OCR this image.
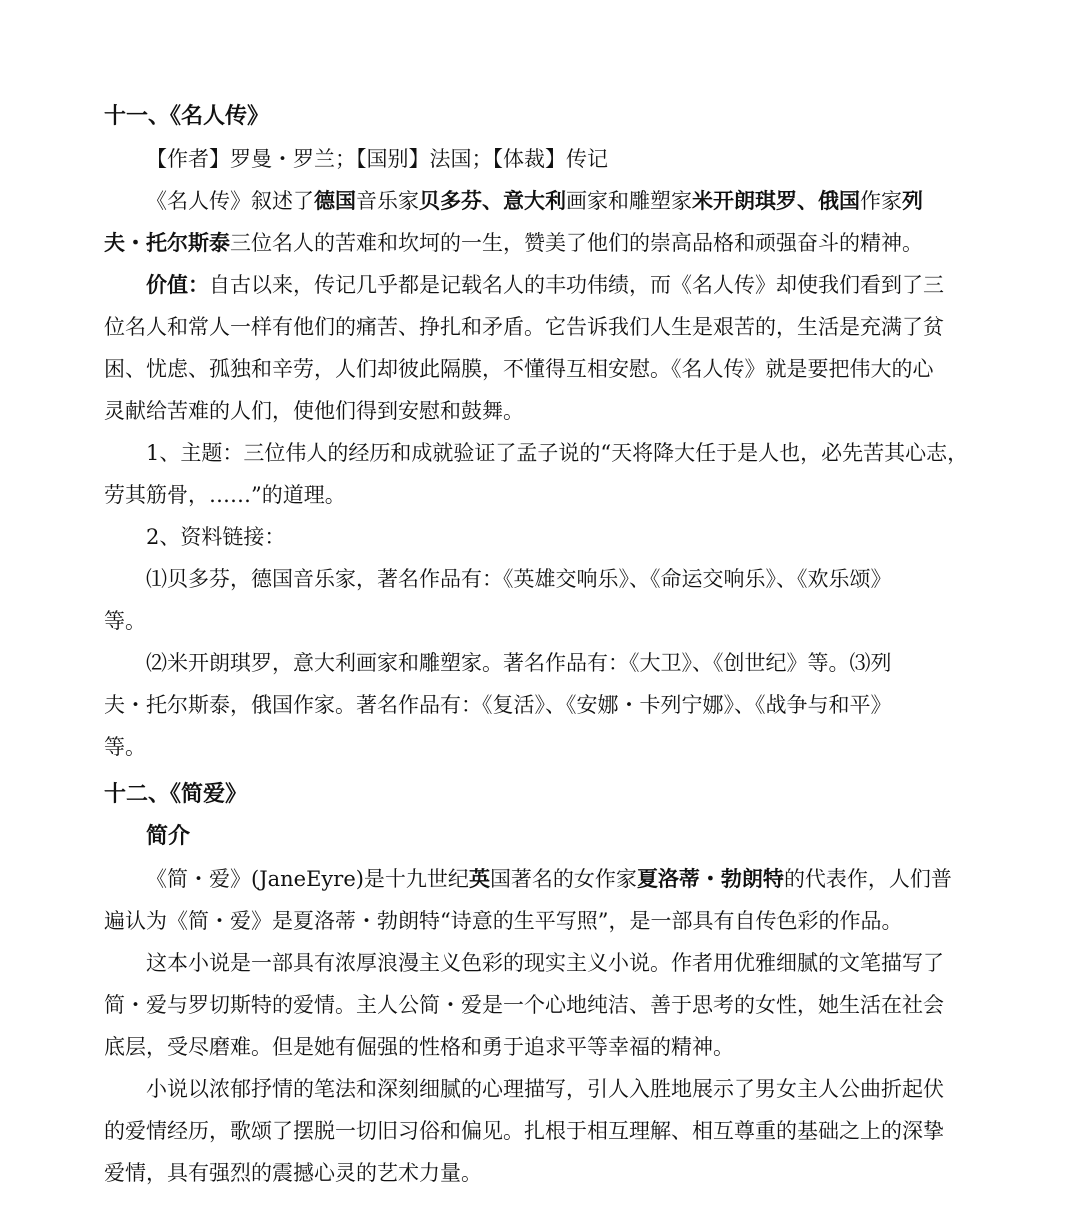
十一、《名人传》
【作者】罗曼・罗兰；【国别】法国；【体裁】传记
《名人传》叙述了德国音乐家贝多芬、意大利画家和雕塑家米开朗琪罗、俄国作家列
夫・托尔斯泰三位名人的苦难和坎坷的一生，赞美了他们的崇高品格和顽强奋斗的精神。
价值：自古以来，传记几乎都是记载名人的丰功伟绩，而《名人传》却使我们看到了三
位名人和常人一样有他们的痛苦、挣扎和矛盾。它告诉我们人生是艰苦的，生活是充满了贫
困、忧虑、孤独和辛劳，人们却彼此隔膜，不懂得互相安慰。《名人传》就是要把伟大的心
灵献给苦难的人们，使他们得到安慰和鼓舞。
1、主题：三位伟人的经历和成就验证了孟子说的“天将降大任于是人也，必先苦其心志，
劳其筋骨，……”的道理。
2、资料链接：
⑴贝多芬，德国音乐家，著名作品有：《英雄交响乐》、《命运交响乐》、《欢乐颂》
等。
⑵米开朗琪罗，意大利画家和雕塑家。著名作品有：《大卫》、《创世纪》等。⑶列
夫・托尔斯泰，俄国作家。著名作品有：《复活》、《安娜・卡列宁娜》、《战争与和平》
等。
十二、《简爱》
简介
《简・爱》(JaneEyre)是十九世纪英国著名的女作家夏洛蒂・勃朗特的代表作，人们普
遍认为《简・爱》是夏洛蒂・勃朗特“诗意的生平写照”，是一部具有自传色彩的作品。
这本小说是一部具有浓厚浪漫主义色彩的现实主义小说。作者用优雅细腻的文笔描写了
简・爱与罗切斯特的爱情。主人公简・爱是一个心地纯洁、善于思考的女性，她生活在社会
底层，受尽磨难。但是她有倔强的性格和勇于追求平等幸福的精神。
小说以浓郁抒情的笔法和深刻细腻的心理描写，引人入胜地展示了男女主人公曲折起伏
的爱情经历，歌颂了摆脱一切旧习俗和偏见。扎根于相互理解、相互尊重的基础之上的深挚
爱情，具有强烈的震撼心灵的艺术力量。
